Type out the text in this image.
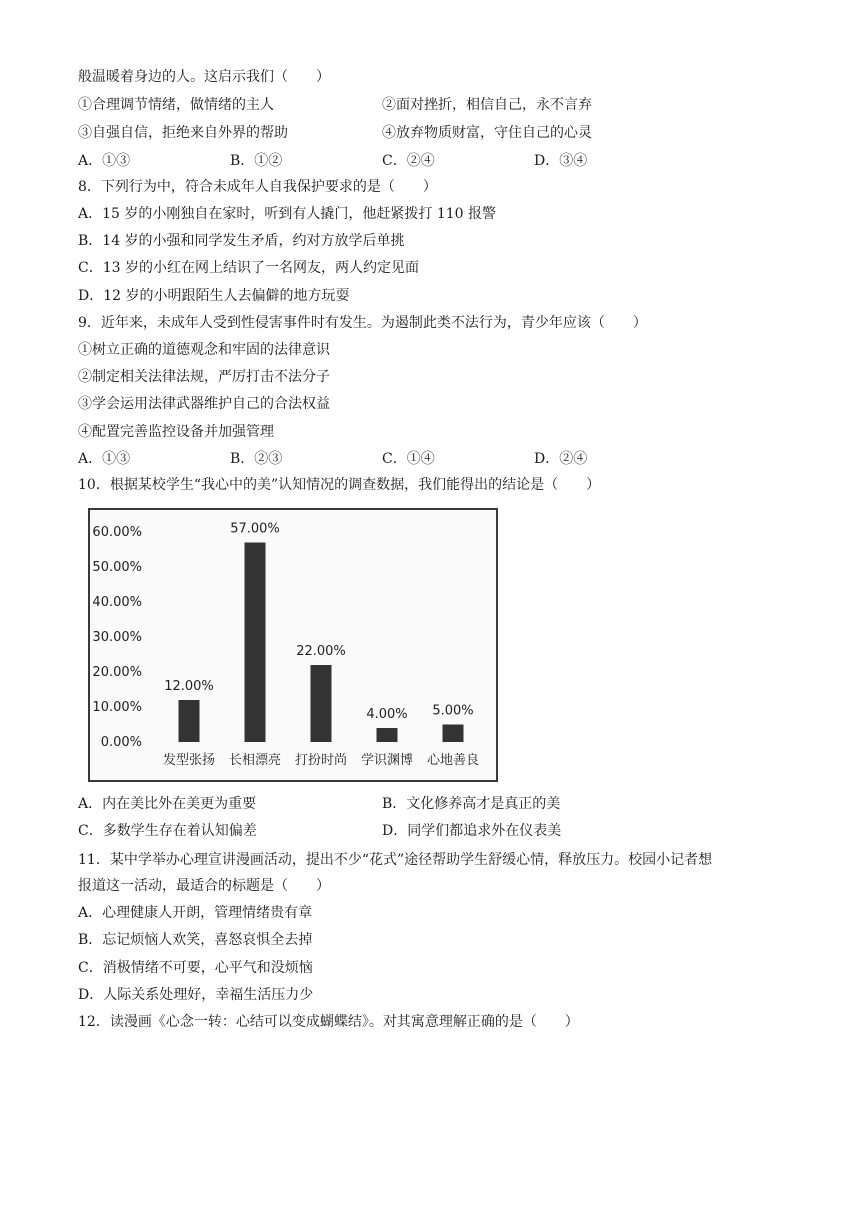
般温暖着身边的人。这启示我们（　　）
①合理调节情绪，做情绪的主人	②面对挫折，相信自己，永不言弃
③自强自信，拒绝来自外界的帮助	④放弃物质财富，守住自己的心灵
A．①③	B．①②	C．②④	D．③④
8．下列行为中，符合未成年人自我保护要求的是（　　）
A．15 岁的小刚独自在家时，听到有人撬门，他赶紧拨打 110 报警
B．14 岁的小强和同学发生矛盾，约对方放学后单挑
C．13 岁的小红在网上结识了一名网友，两人约定见面
D．12 岁的小明跟陌生人去偏僻的地方玩耍
9．近年来，未成年人受到性侵害事件时有发生。为遏制此类不法行为，青少年应该（　　）
①树立正确的道德观念和牢固的法律意识
②制定相关法律法规，严厉打击不法分子
③学会运用法律武器维护自己的合法权益
④配置完善监控设备并加强管理
A．①③	B．②③	C．①④	D．②④
10．根据某校学生“我心中的美”认知情况的调查数据，我们能得出的结论是（　　）
0.00%
10.00%
20.00%
30.00%
40.00%
50.00%
60.00%
12.00%
发型张扬
57.00%
长相漂亮
22.00%
打扮时尚
4.00%
学识渊博
5.00%
心地善良
A．内在美比外在美更为重要	B．文化修养高才是真正的美
C．多数学生存在着认知偏差	D．同学们都追求外在仪表美
11．某中学举办心理宣讲漫画活动，提出不少“花式”途径帮助学生舒缓心情，释放压力。校园小记者想
报道这一活动，最适合的标题是（　　）
A．心理健康人开朗，管理情绪贵有章
B．忘记烦恼人欢笑，喜怒哀惧全去掉
C．消极情绪不可要，心平气和没烦恼
D．人际关系处理好，幸福生活压力少
12．读漫画《心念一转：心结可以变成蝴蝶结》。对其寓意理解正确的是（　　）
